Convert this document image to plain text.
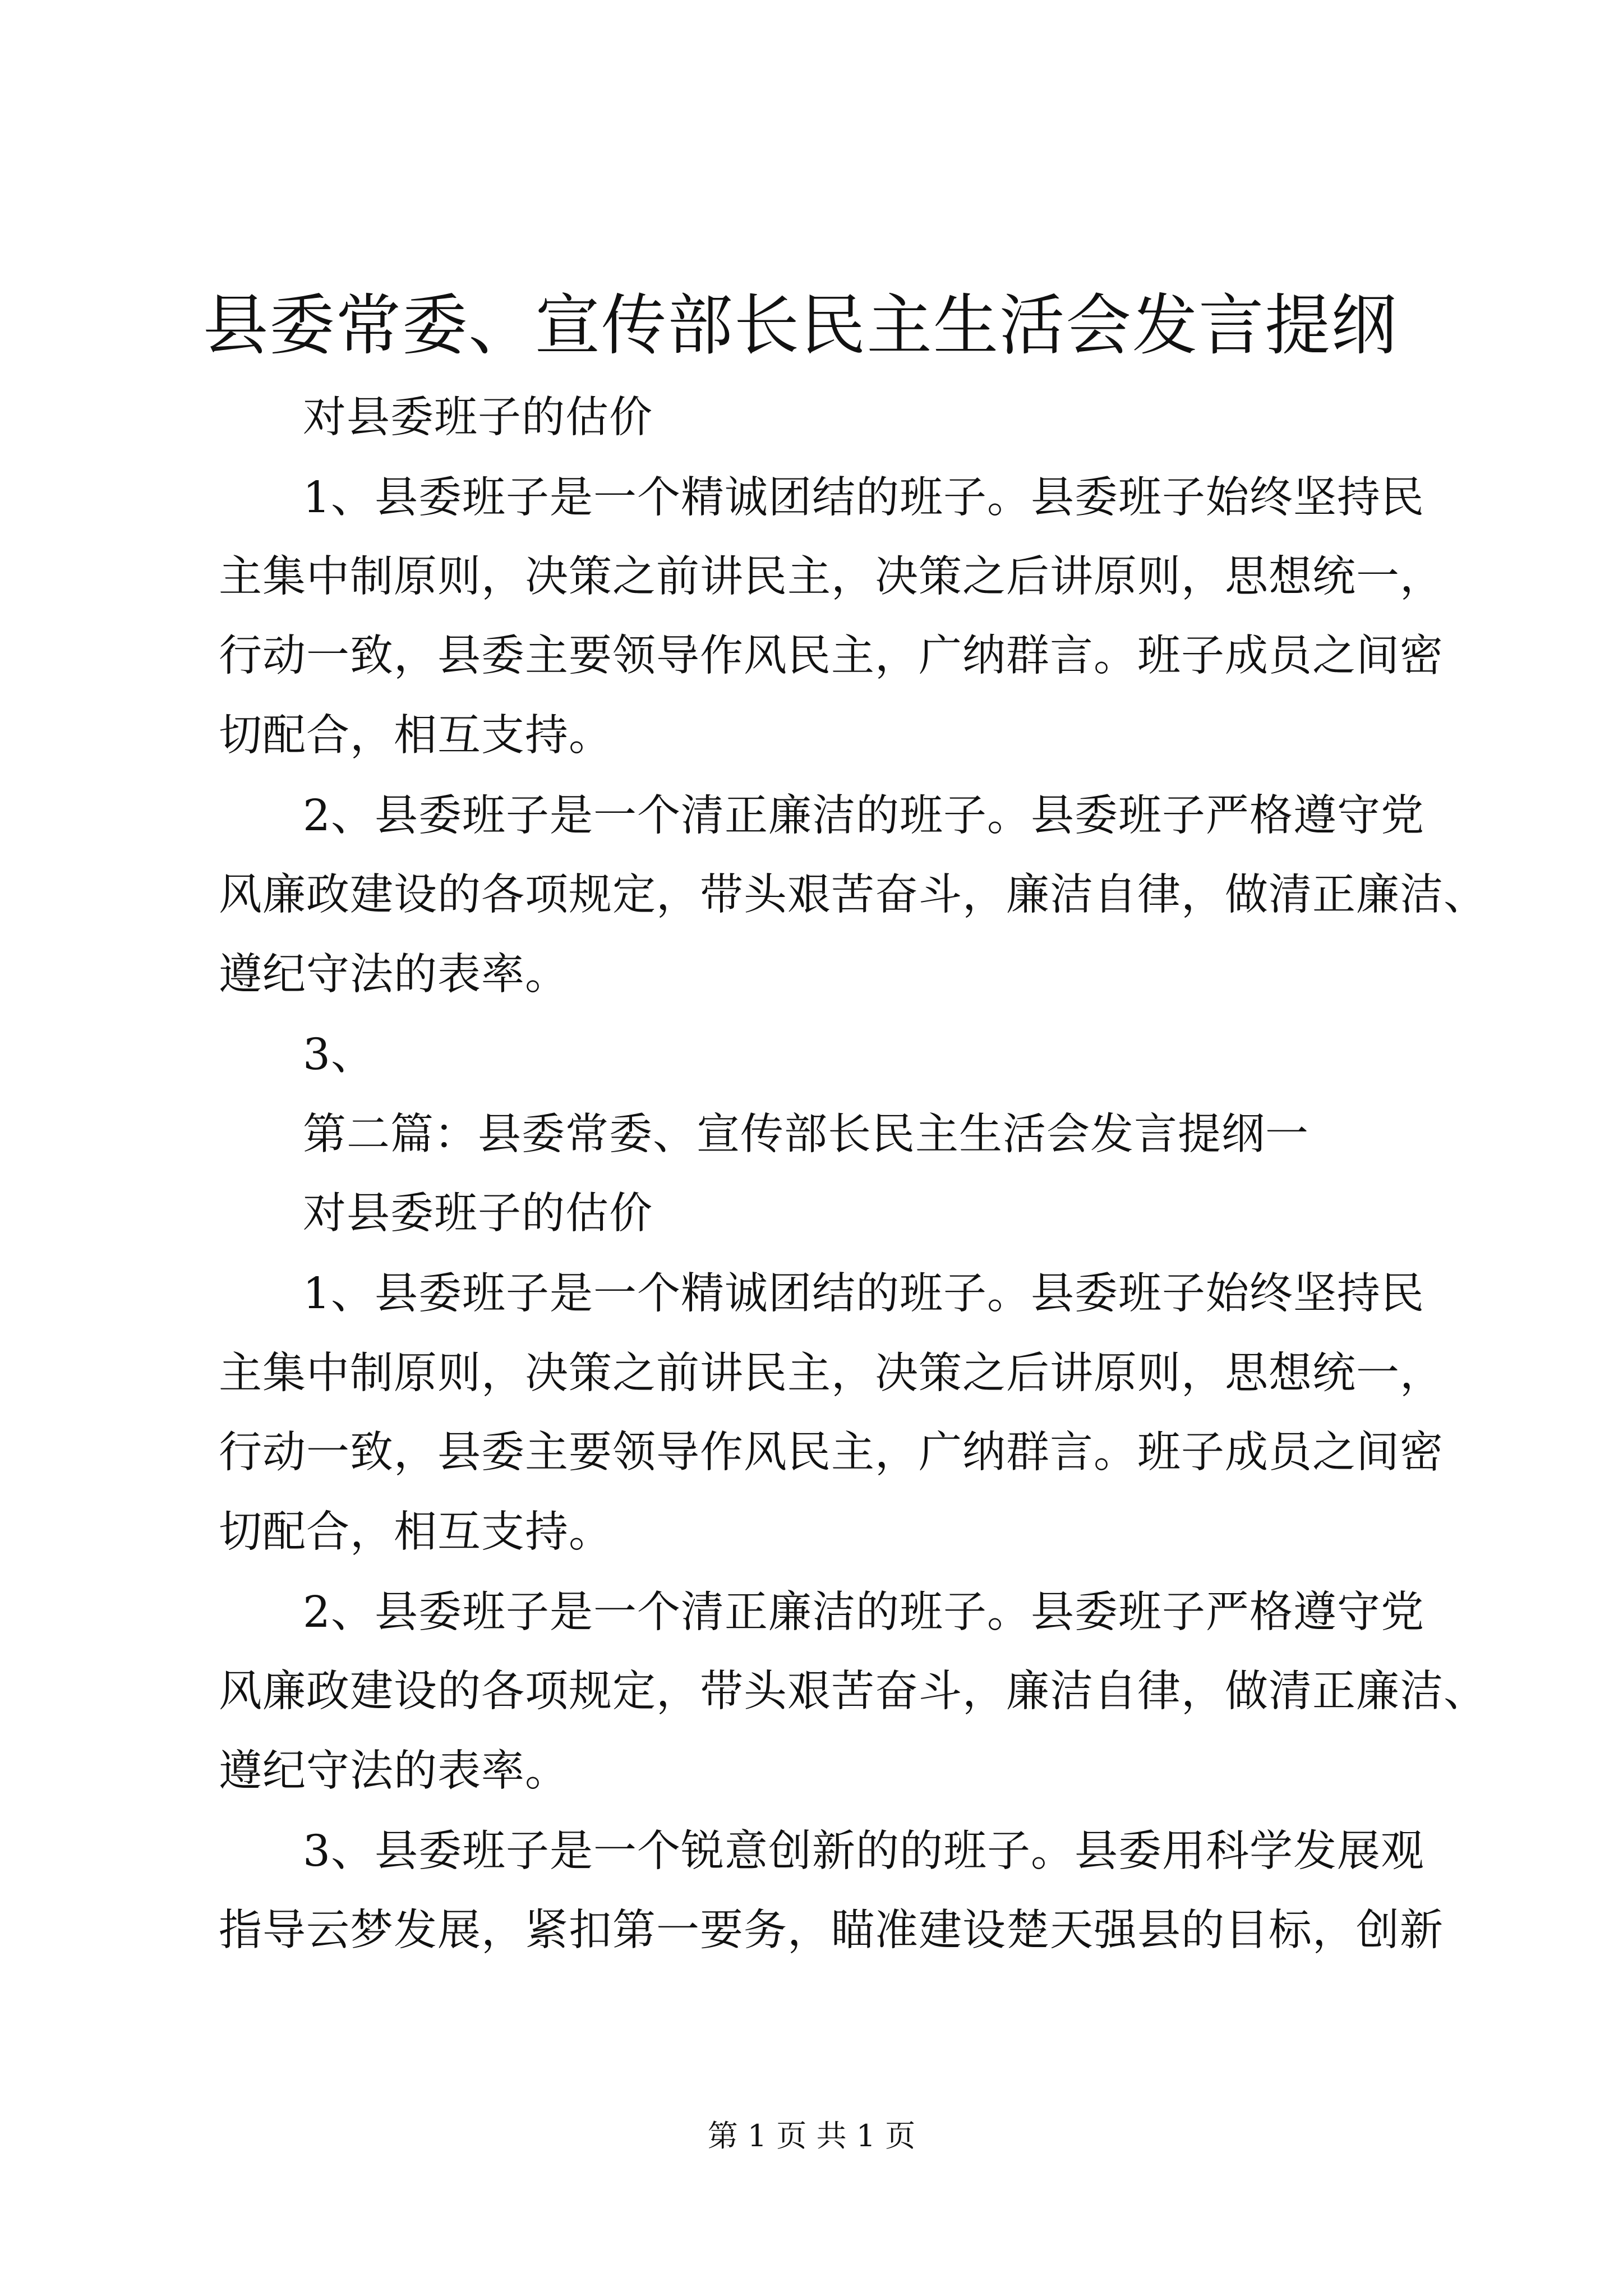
县委常委、宣传部长民主生活会发言提纲
对县委班子的估价
1、县委班子是一个精诚团结的班子。县委班子始终坚持民
主集中制原则，决策之前讲民主，决策之后讲原则，思想统一，
行动一致，县委主要领导作风民主，广纳群言。班子成员之间密
切配合，相互支持。
2、县委班子是一个清正廉洁的班子。县委班子严格遵守党
风廉政建设的各项规定，带头艰苦奋斗，廉洁自律，做清正廉洁、
遵纪守法的表率。
3、
第二篇：县委常委、宣传部长民主生活会发言提纲一
对县委班子的估价
1、县委班子是一个精诚团结的班子。县委班子始终坚持民
主集中制原则，决策之前讲民主，决策之后讲原则，思想统一，
行动一致，县委主要领导作风民主，广纳群言。班子成员之间密
切配合，相互支持。
2、县委班子是一个清正廉洁的班子。县委班子严格遵守党
风廉政建设的各项规定，带头艰苦奋斗，廉洁自律，做清正廉洁、
遵纪守法的表率。
3、县委班子是一个锐意创新的的班子。县委用科学发展观
指导云梦发展，紧扣第一要务，瞄准建设楚天强县的目标，创新
第 1 页 共 1 页
